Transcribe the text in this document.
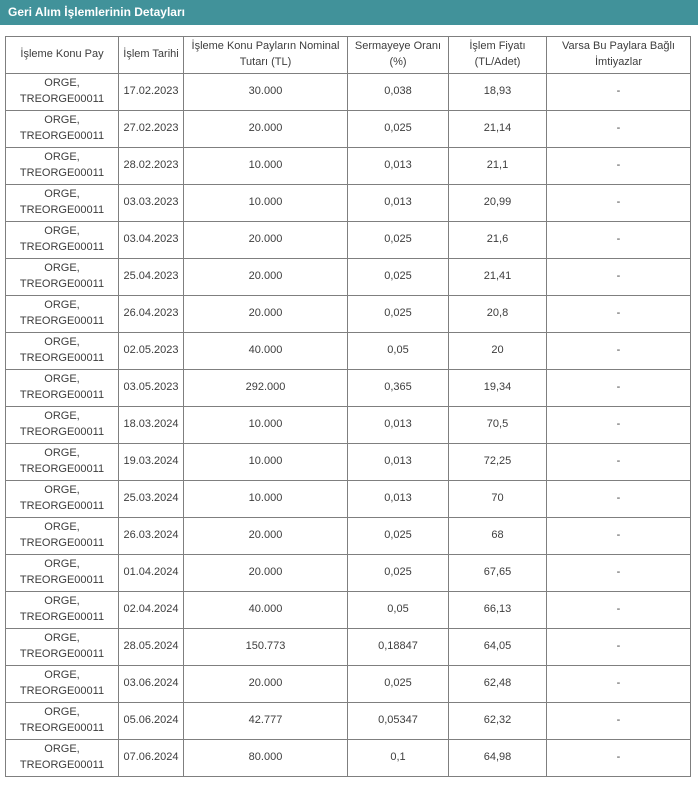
Geri Alım İşlemlerinin Detayları
İşleme Konu Pay	İşlem Tarihi	İşleme Konu Payların Nominal Tutarı (TL)	Sermayeye Oranı (%)	İşlem Fiyatı (TL/Adet)	Varsa Bu Paylara Bağlı İmtiyazlar
ORGE, TREORGE00011	17.02.2023	30.000	0,038	18,93	-
ORGE, TREORGE00011	27.02.2023	20.000	0,025	21,14	-
ORGE, TREORGE00011	28.02.2023	10.000	0,013	21,1	-
ORGE, TREORGE00011	03.03.2023	10.000	0,013	20,99	-
ORGE, TREORGE00011	03.04.2023	20.000	0,025	21,6	-
ORGE, TREORGE00011	25.04.2023	20.000	0,025	21,41	-
ORGE, TREORGE00011	26.04.2023	20.000	0,025	20,8	-
ORGE, TREORGE00011	02.05.2023	40.000	0,05	20	-
ORGE, TREORGE00011	03.05.2023	292.000	0,365	19,34	-
ORGE, TREORGE00011	18.03.2024	10.000	0,013	70,5	-
ORGE, TREORGE00011	19.03.2024	10.000	0,013	72,25	-
ORGE, TREORGE00011	25.03.2024	10.000	0,013	70	-
ORGE, TREORGE00011	26.03.2024	20.000	0,025	68	-
ORGE, TREORGE00011	01.04.2024	20.000	0,025	67,65	-
ORGE, TREORGE00011	02.04.2024	40.000	0,05	66,13	-
ORGE, TREORGE00011	28.05.2024	150.773	0,18847	64,05	-
ORGE, TREORGE00011	03.06.2024	20.000	0,025	62,48	-
ORGE, TREORGE00011	05.06.2024	42.777	0,05347	62,32	-
ORGE, TREORGE00011	07.06.2024	80.000	0,1	64,98	-
